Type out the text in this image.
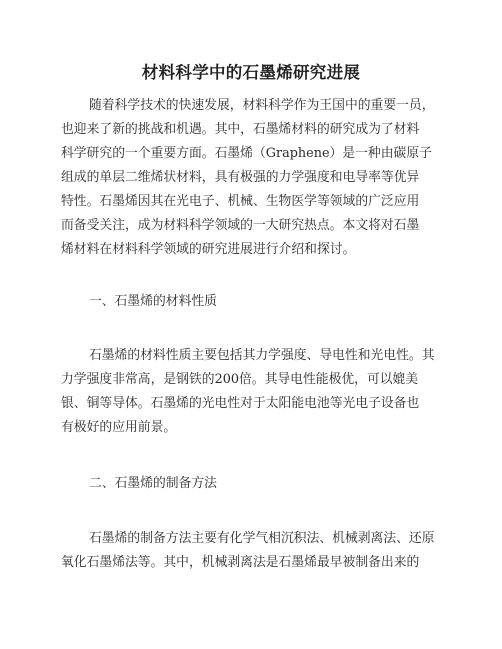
材料科学中的石墨烯研究进展

随着科学技术的快速发展，材料科学作为王国中的重要一员，
也迎来了新的挑战和机遇。其中，石墨烯材料的研究成为了材料
科学研究的一个重要方面。石墨烯（Graphene）是一种由碳原子
组成的单层二维烯状材料，具有极强的力学强度和电导率等优异
特性。石墨烯因其在光电子、机械、生物医学等领域的广泛应用
而备受关注，成为材料科学领域的一大研究热点。本文将对石墨
烯材料在材料科学领域的研究进展进行介绍和探讨。

一、石墨烯的材料性质

石墨烯的材料性质主要包括其力学强度、导电性和光电性。其
力学强度非常高，是钢铁的200倍。其导电性能极优，可以媲美
银、铜等导体。石墨烯的光电性对于太阳能电池等光电子设备也
有极好的应用前景。

二、石墨烯的制备方法

石墨烯的制备方法主要有化学气相沉积法、机械剥离法、还原
氧化石墨烯法等。其中，机械剥离法是石墨烯最早被制备出来的
